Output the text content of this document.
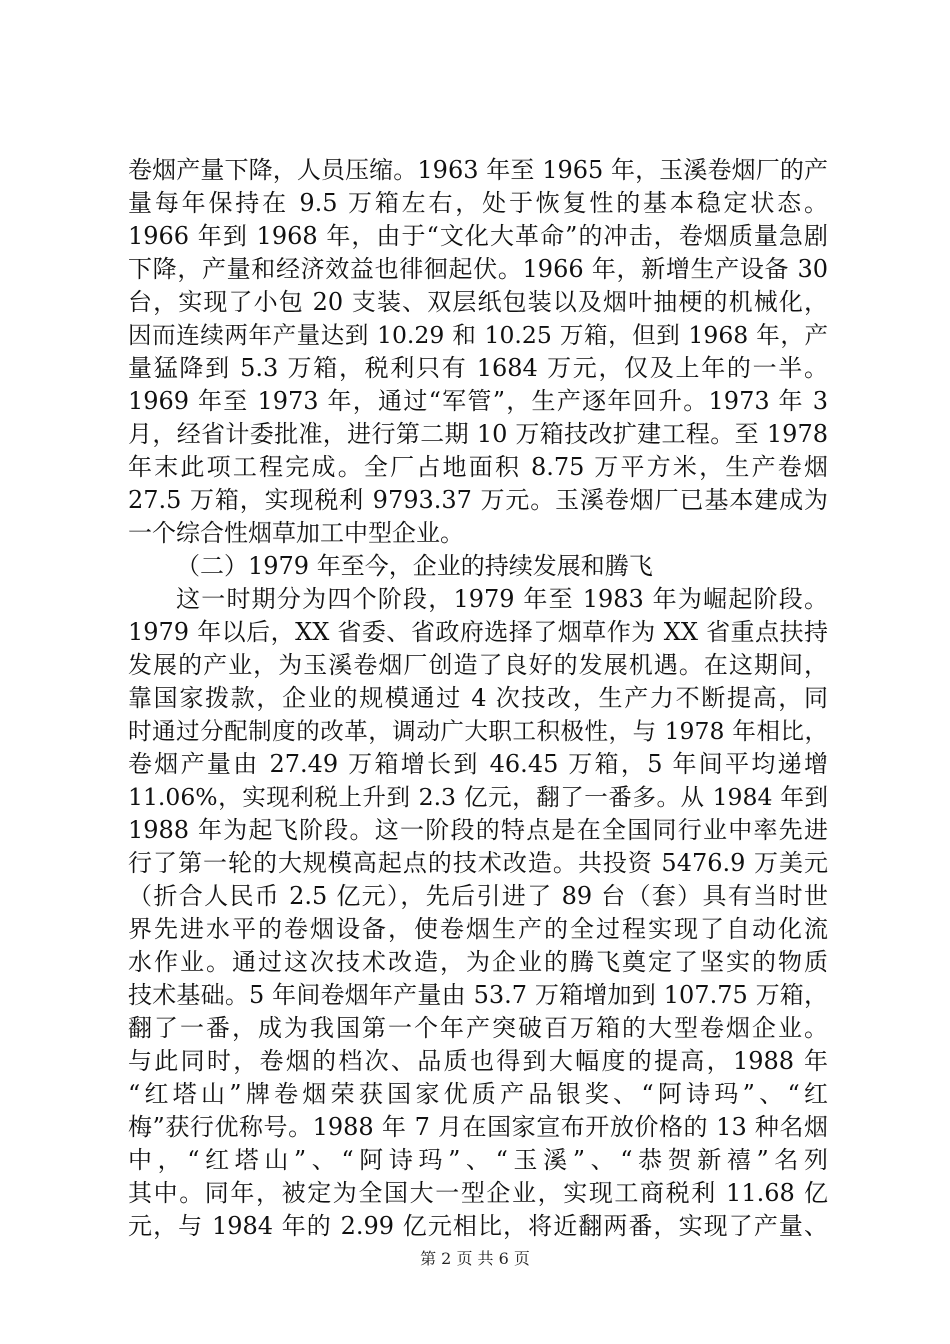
卷烟产量下降，人员压缩。1963 年至 1965 年，玉溪卷烟厂的产
量每年保持在 9.5 万箱左右，处于恢复性的基本稳定状态。
1966 年到 1968 年，由于“文化大革命”的冲击，卷烟质量急剧
下降，产量和经济效益也徘徊起伏。1966 年，新增生产设备 30
台，实现了小包 20 支装、双层纸包装以及烟叶抽梗的机械化，
因而连续两年产量达到 10.29 和 10.25 万箱，但到 1968 年，产
量猛降到 5.3 万箱，税利只有 1684 万元，仅及上年的一半。
1969 年至 1973 年，通过“军管”，生产逐年回升。1973 年 3
月，经省计委批准，进行第二期 10 万箱技改扩建工程。至 1978
年末此项工程完成。全厂占地面积 8.75 万平方米，生产卷烟
27.5 万箱，实现税利 9793.37 万元。玉溪卷烟厂已基本建成为
一个综合性烟草加工中型企业。
（二）1979 年至今，企业的持续发展和腾飞
这一时期分为四个阶段，1979 年至 1983 年为崛起阶段。
1979 年以后，XX 省委、省政府选择了烟草作为 XX 省重点扶持
发展的产业，为玉溪卷烟厂创造了良好的发展机遇。在这期间，
靠国家拨款，企业的规模通过 4 次技改，生产力不断提高，同
时通过分配制度的改革，调动广大职工积极性，与 1978 年相比，
卷烟产量由 27.49 万箱增长到 46.45 万箱，5 年间平均递增
11.06%，实现利税上升到 2.3 亿元，翻了一番多。从 1984 年到
1988 年为起飞阶段。这一阶段的特点是在全国同行业中率先进
行了第一轮的大规模高起点的技术改造。共投资 5476.9 万美元
（折合人民币 2.5 亿元），先后引进了 89 台（套）具有当时世
界先进水平的卷烟设备，使卷烟生产的全过程实现了自动化流
水作业。通过这次技术改造，为企业的腾飞奠定了坚实的物质
技术基础。5 年间卷烟年产量由 53.7 万箱增加到 107.75 万箱，
翻了一番，成为我国第一个年产突破百万箱的大型卷烟企业。
与此同时，卷烟的档次、品质也得到大幅度的提高，1988 年
“红塔山”牌卷烟荣获国家优质产品银奖、“阿诗玛”、“红
梅”获行优称号。1988 年 7 月在国家宣布开放价格的 13 种名烟
中，“红塔山”、“阿诗玛”、“玉溪”、“恭贺新禧”名列
其中。同年，被定为全国大一型企业，实现工商税利 11.68 亿
元，与 1984 年的 2.99 亿元相比，将近翻两番，实现了产量、
第 2 页 共 6 页
